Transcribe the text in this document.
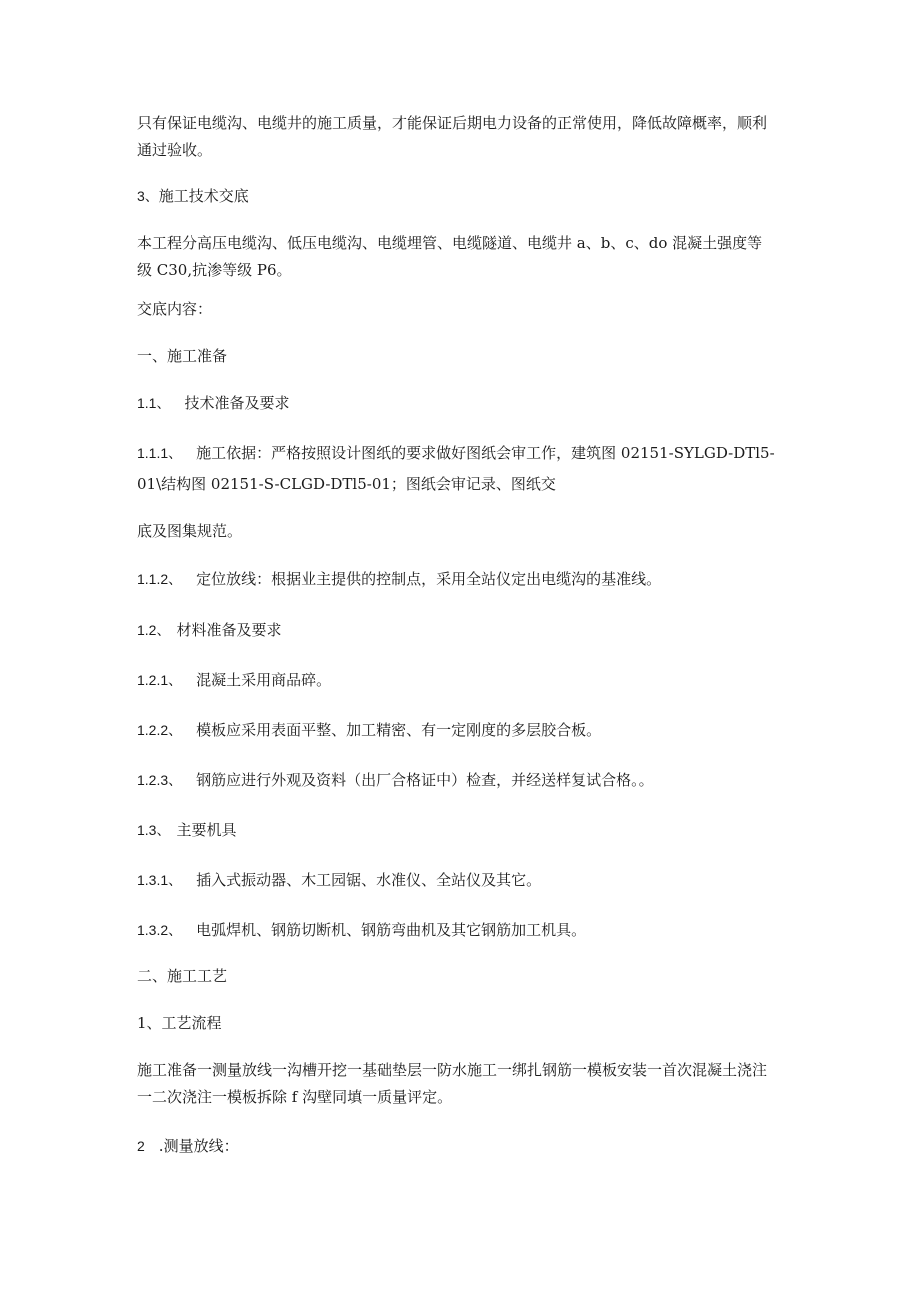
只有保证电缆沟、电缆井的施工质量，才能保证后期电力设备的正常使用，降低故障概率，顺利通过验收。
3、施工技术交底
本工程分高压电缆沟、低压电缆沟、电缆埋管、电缆隧道、电缆井 a、b、c、do 混凝土强度等级 C30,抗渗等级 P6。
交底内容：
一、施工准备
1.1、 技术准备及要求
1.1.1、 施工依据：严格按照设计图纸的要求做好图纸会审工作，建筑图 02151-SYLGD-DTl5-01\结构图 02151-S-CLGD-DTl5-01；图纸会审记录、图纸交
底及图集规范。
1.1.2、 定位放线：根据业主提供的控制点，采用全站仪定出电缆沟的基准线。
1.2、 材料准备及要求
1.2.1、 混凝土采用商品碎。
1.2.2、 模板应采用表面平整、加工精密、有一定刚度的多层胶合板。
1.2.3、 钢筋应进行外观及资料（出厂合格证中）检查，并经送样复试合格。。
1.3、 主要机具
1.3.1、 插入式振动器、木工园锯、水准仪、全站仪及其它。
1.3.2、 电弧焊机、钢筋切断机、钢筋弯曲机及其它钢筋加工机具。
二、施工工艺
1、工艺流程
施工准备一测量放线一沟槽开挖一基础垫层一防水施工一绑扎钢筋一模板安装一首次混凝土浇注一二次浇注一模板拆除 f 沟壁同填一质量评定。
2 .测量放线：
